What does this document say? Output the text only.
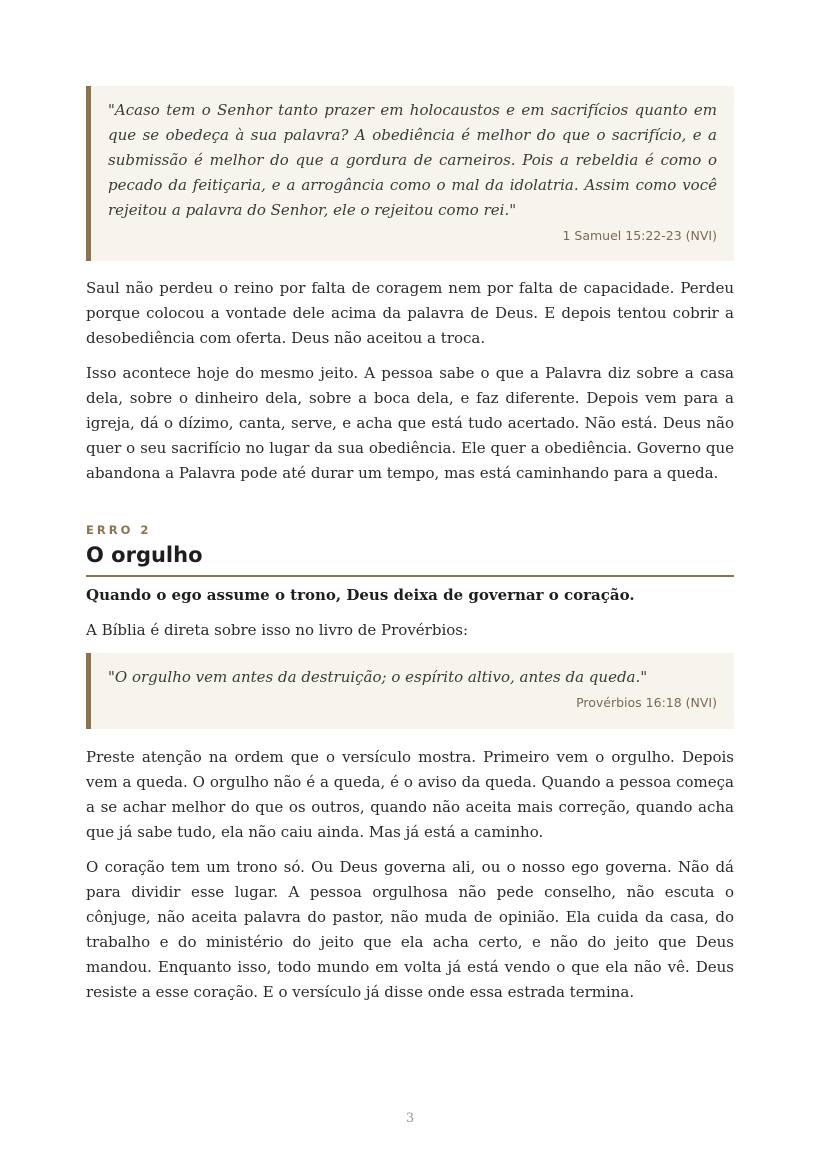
"Acaso tem o Senhor tanto prazer em holocaustos e em sacrifícios quanto em que se obedeça à sua palavra? A obediência é melhor do que o sacrifício, e a submissão é melhor do que a gordura de carneiros. Pois a rebeldia é como o pecado da feitiçaria, e a arrogância como o mal da idolatria. Assim como você rejeitou a palavra do Senhor, ele o rejeitou como rei."

1 Samuel 15:22-23 (NVI)

Saul não perdeu o reino por falta de coragem nem por falta de capacidade. Perdeu porque colocou a vontade dele acima da palavra de Deus. E depois tentou cobrir a desobediência com oferta. Deus não aceitou a troca.

Isso acontece hoje do mesmo jeito. A pessoa sabe o que a Palavra diz sobre a casa dela, sobre o dinheiro dela, sobre a boca dela, e faz diferente. Depois vem para a igreja, dá o dízimo, canta, serve, e acha que está tudo acertado. Não está. Deus não quer o seu sacrifício no lugar da sua obediência. Ele quer a obediência. Governo que abandona a Palavra pode até durar um tempo, mas está caminhando para a queda.

ERRO 2

O orgulho

Quando o ego assume o trono, Deus deixa de governar o coração.

A Bíblia é direta sobre isso no livro de Provérbios:

"O orgulho vem antes da destruição; o espírito altivo, antes da queda."

Provérbios 16:18 (NVI)

Preste atenção na ordem que o versículo mostra. Primeiro vem o orgulho. Depois vem a queda. O orgulho não é a queda, é o aviso da queda. Quando a pessoa começa a se achar melhor do que os outros, quando não aceita mais correção, quando acha que já sabe tudo, ela não caiu ainda. Mas já está a caminho.

O coração tem um trono só. Ou Deus governa ali, ou o nosso ego governa. Não dá para dividir esse lugar. A pessoa orgulhosa não pede conselho, não escuta o cônjuge, não aceita palavra do pastor, não muda de opinião. Ela cuida da casa, do trabalho e do ministério do jeito que ela acha certo, e não do jeito que Deus mandou. Enquanto isso, todo mundo em volta já está vendo o que ela não vê. Deus resiste a esse coração. E o versículo já disse onde essa estrada termina.

3
